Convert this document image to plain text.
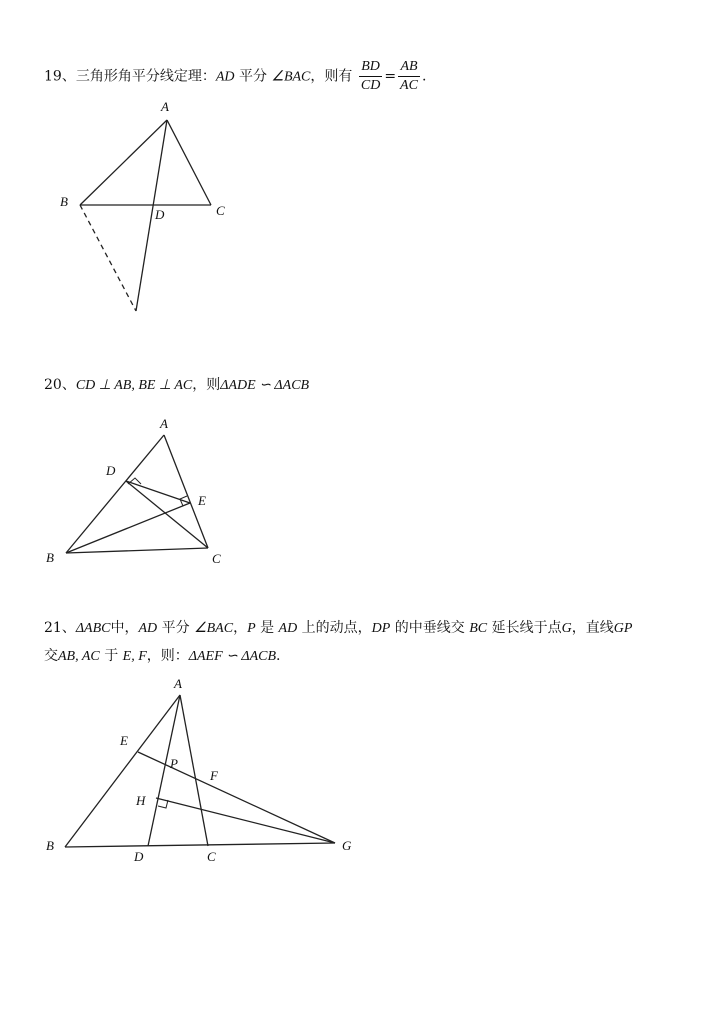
19、三角形角平分线定理：AD 平分 ∠BAC，则有 $\frac{BD}{CD} = \frac{AB}{AC}$ .
A
B
C
D
A
D
E
B	C
A
E
P
F
H
B
D	C
G
20、CD ⊥ AB, BE ⊥ AC，则ΔADE ∽ ΔACB
21、ΔABC中，AD 平分 ∠BAC，P 是 AD 上的动点，DP 的中垂线交 BC 延长线于点G，直线GP
交AB, AC 于 E, F，则：ΔAEF ∽ ΔACB.
